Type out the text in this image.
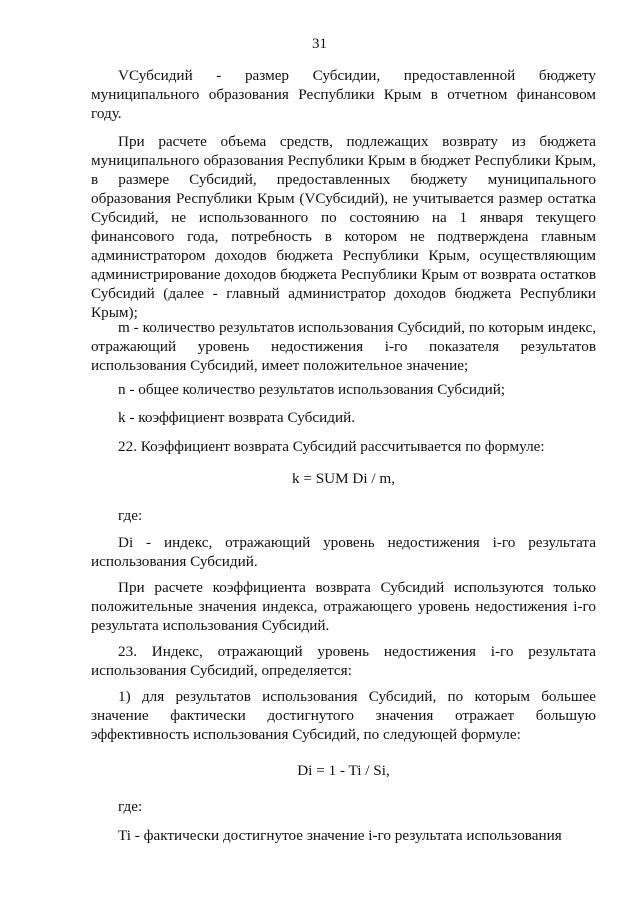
31

VСубсидий - размер Субсидии, предоставленной бюджету муниципального образования Республики Крым в отчетном финансовом году.

При расчете объема средств, подлежащих возврату из бюджета муниципального образования Республики Крым в бюджет Республики Крым, в размере Субсидий, предоставленных бюджету муниципального образования Республики Крым (VСубсидий), не учитывается размер остатка Субсидий, не использованного по состоянию на 1 января текущего финансового года, потребность в котором не подтверждена главным администратором доходов бюджета Республики Крым, осуществляющим администрирование доходов бюджета Республики Крым от возврата остатков Субсидий (далее - главный администратор доходов бюджета Республики Крым);

m - количество результатов использования Субсидий, по которым индекс, отражающий уровень недостижения i-го показателя результатов использования Субсидий, имеет положительное значение;

n - общее количество результатов использования Субсидий;

k - коэффициент возврата Субсидий.

22. Коэффициент возврата Субсидий рассчитывается по формуле:

k = SUM Di / m,

где:

Di - индекс, отражающий уровень недостижения i-го результата использования Субсидий.

При расчете коэффициента возврата Субсидий используются только положительные значения индекса, отражающего уровень недостижения i-го результата использования Субсидий.

23. Индекс, отражающий уровень недостижения i-го результата использования Субсидий, определяется:

1) для результатов использования Субсидий, по которым большее значение фактически достигнутого значения отражает большую эффективность использования Субсидий, по следующей формуле:

Di = 1 - Ti / Si,

где:

Ti - фактически достигнутое значение i-го результата использования
